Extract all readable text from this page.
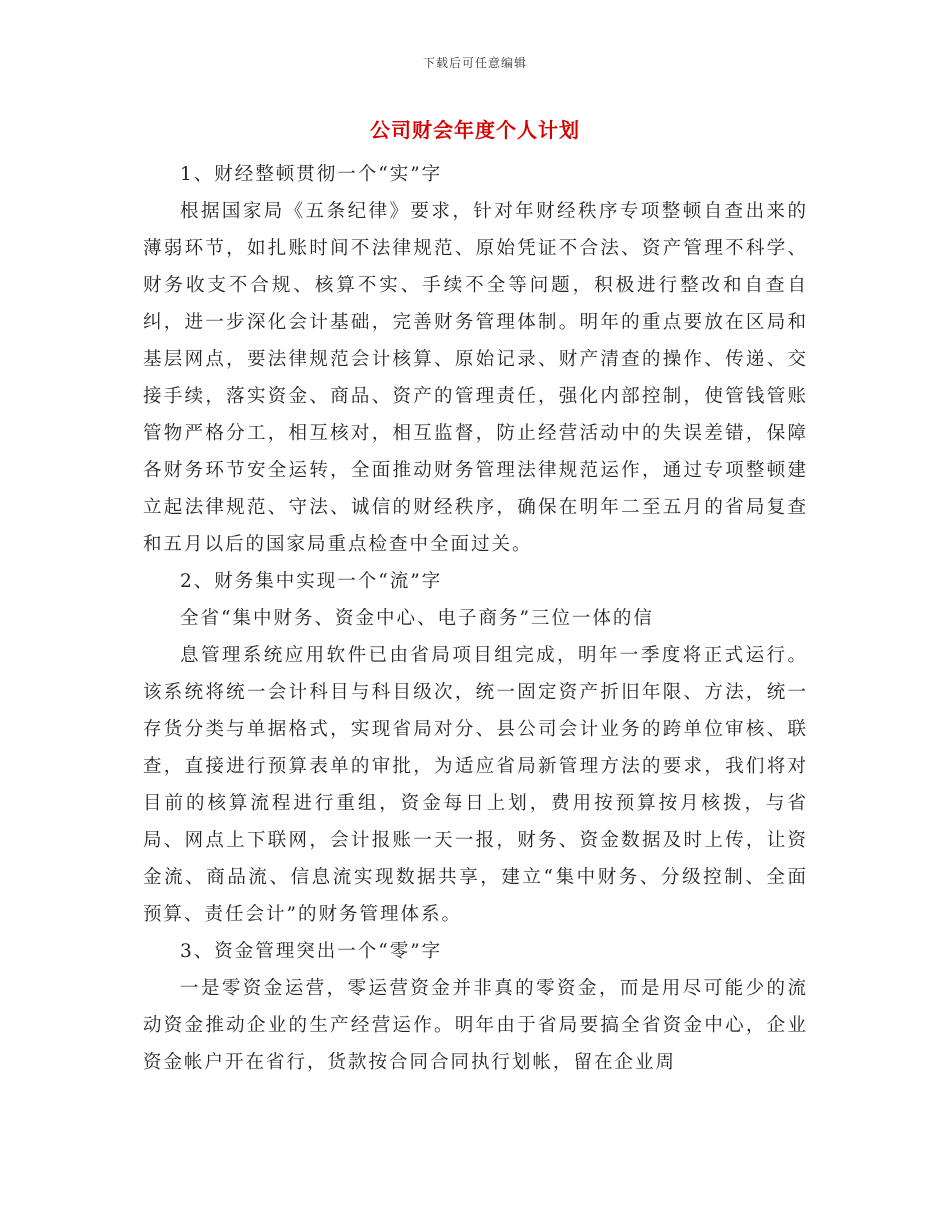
下载后可任意编辑
公司财会年度个人计划

1、财经整顿贯彻一个“实”字

根据国家局《五条纪律》要求，针对年财经秩序专项整顿自查出来的薄弱环节，如扎账时间不法律规范、原始凭证不合法、资产管理不科学、财务收支不合规、核算不实、手续不全等问题，积极进行整改和自查自纠，进一步深化会计基础，完善财务管理体制。明年的重点要放在区局和基层网点，要法律规范会计核算、原始记录、财产清查的操作、传递、交接手续，落实资金、商品、资产的管理责任，强化内部控制，使管钱管账管物严格分工，相互核对，相互监督，防止经营活动中的失误差错，保障各财务环节安全运转，全面推动财务管理法律规范运作，通过专项整顿建立起法律规范、守法、诚信的财经秩序，确保在明年二至五月的省局复查和五月以后的国家局重点检查中全面过关。

2、财务集中实现一个“流”字

全省“集中财务、资金中心、电子商务”三位一体的信

息管理系统应用软件已由省局项目组完成，明年一季度将正式运行。该系统将统一会计科目与科目级次，统一固定资产折旧年限、方法，统一存货分类与单据格式，实现省局对分、县公司会计业务的跨单位审核、联查，直接进行预算表单的审批，为适应省局新管理方法的要求，我们将对目前的核算流程进行重组，资金每日上划，费用按预算按月核拨，与省局、网点上下联网，会计报账一天一报，财务、资金数据及时上传，让资金流、商品流、信息流实现数据共享，建立“集中财务、分级控制、全面预算、责任会计”的财务管理体系。

3、资金管理突出一个“零”字

一是零资金运营，零运营资金并非真的零资金，而是用尽可能少的流动资金推动企业的生产经营运作。明年由于省局要搞全省资金中心，企业资金帐户开在省行，货款按合同合同执行划帐，留在企业周
